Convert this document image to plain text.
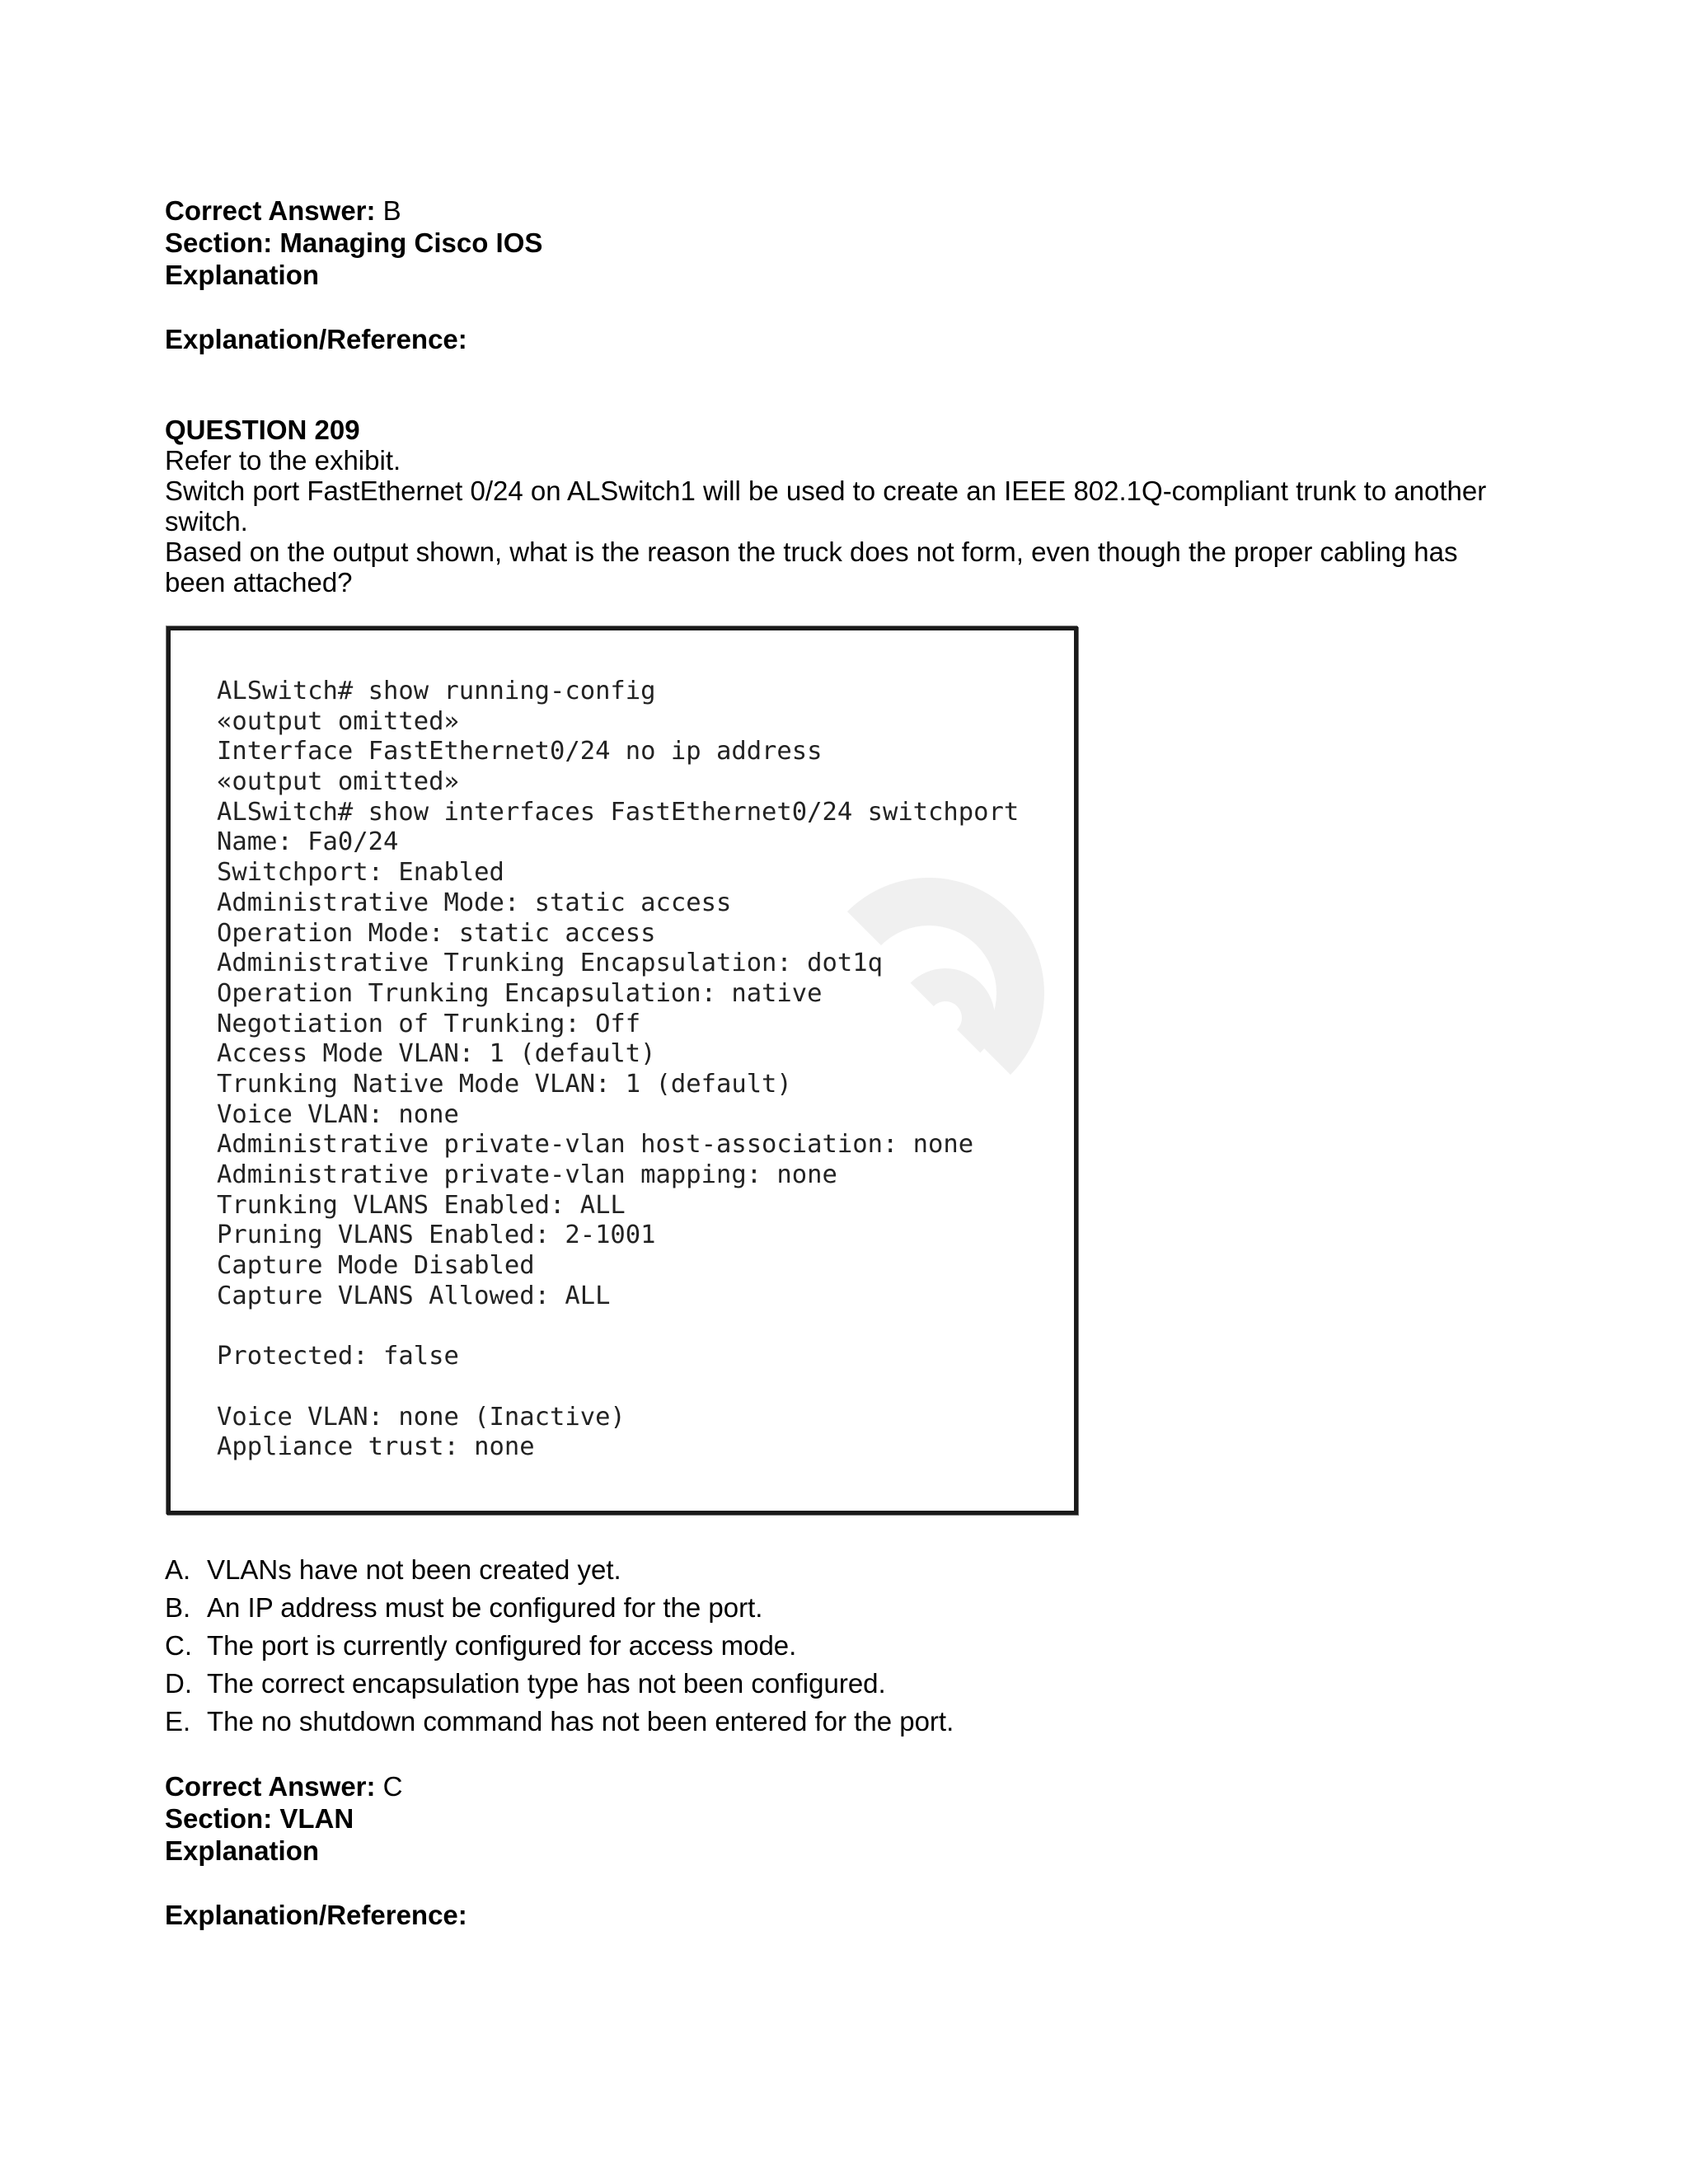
Correct Answer: B
Section: Managing Cisco IOS
Explanation
Explanation/Reference:
QUESTION 209
Refer to the exhibit.
Switch port FastEthernet 0/24 on ALSwitch1 will be used to create an IEEE 802.1Q-compliant trunk to another switch.
Based on the output shown, what is the reason the truck does not form, even though the proper cabling has been attached?
ALSwitch# show running-config
«output omitted»
Interface FastEthernet0/24 no ip address
«output omitted»
ALSwitch# show interfaces FastEthernet0/24 switchport
Name: Fa0/24
Switchport: Enabled
Administrative Mode: static access
Operation Mode: static access
Administrative Trunking Encapsulation: dot1q
Operation Trunking Encapsulation: native
Negotiation of Trunking: Off
Access Mode VLAN: 1 (default)
Trunking Native Mode VLAN: 1 (default)
Voice VLAN: none
Administrative private-vlan host-association: none
Administrative private-vlan mapping: none
Trunking VLANS Enabled: ALL
Pruning VLANS Enabled: 2-1001
Capture Mode Disabled
Capture VLANS Allowed: ALL
Protected: false
Voice VLAN: none (Inactive)
Appliance trust: none
A. VLANs have not been created yet.
B. An IP address must be configured for the port.
C. The port is currently configured for access mode.
D. The correct encapsulation type has not been configured.
E. The no shutdown command has not been entered for the port.
Correct Answer: C
Section: VLAN
Explanation
Explanation/Reference:
